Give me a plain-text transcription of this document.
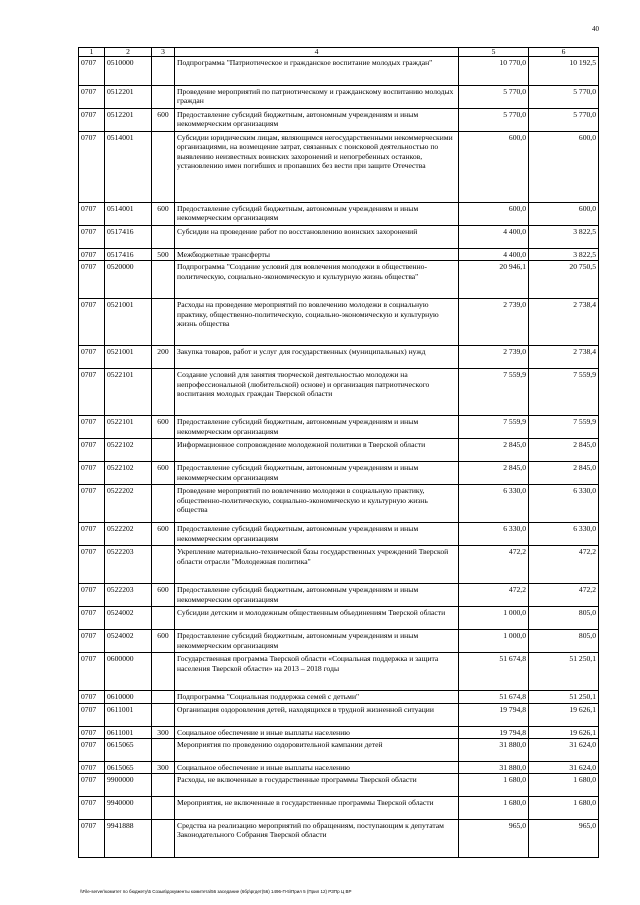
40
1	2	3	4	5	6
0707	0510000		Подпрограмма "Патриотическое и гражданское воспитание молодых граждан"	10 770,0	10 192,5
0707	0512201		Проведение мероприятий по патриотическому и гражданскому воспитанию молодых граждан	5 770,0	5 770,0
0707	0512201	600	Предоставление субсидий бюджетным, автономным учреждениям и иным некоммерческим организациям	5 770,0	5 770,0
0707	0514001		Субсидии юридическим лицам, являющимся негосударственными некоммерческими организациями, на возмещение затрат, связанных с поисковой деятельностью по выявлению неизвестных воинских захоронений и непогребенных останков, установлению имен погибших и пропавших без вести при защите Отечества	600,0	600,0
0707	0514001	600	Предоставление субсидий бюджетным, автономным учреждениям и иным некоммерческим организациям	600,0	600,0
0707	0517416		Субсидии на проведение работ по восстановлению воинских захоронений	4 400,0	3 822,5
0707	0517416	500	Межбюджетные трансферты	4 400,0	3 822,5
0707	0520000		Подпрограмма "Создание условий для вовлечения молодежи в общественно-политическую, социально-экономическую и культурную жизнь общества"	20 946,1	20 750,5
0707	0521001		Расходы на проведение мероприятий по вовлечению молодежи в социальную практику, общественно-политическую, социально-экономическую и культурную жизнь общества	2 739,0	2 738,4
0707	0521001	200	Закупка товаров, работ и услуг для государственных (муниципальных) нужд	2 739,0	2 738,4
0707	0522101		Создание условий для занятия творческой деятельностью молодежи на непрофессиональной (любительской) основе) и организация патриотического воспитания молодых граждан Тверской области	7 559,9	7 559,9
0707	0522101	600	Предоставление субсидий бюджетным, автономным учреждениям и иным некоммерческим организациям	7 559,9	7 559,9
0707	0522102		Информационное сопровождение молодежной политики в Тверской области	2 845,0	2 845,0
0707	0522102	600	Предоставление субсидий бюджетным, автономным учреждениям и иным некоммерческим организациям	2 845,0	2 845,0
0707	0522202		Проведение мероприятий по вовлечению молодежи в социальную практику, общественно-политическую, социально-экономическую и культурную жизнь общества	6 330,0	6 330,0
0707	0522202	600	Предоставление субсидий бюджетным, автономным учреждениям и иным некоммерческим организациям	6 330,0	6 330,0
0707	0522203		Укрепление материально-технической базы государственных учреждений Тверской области отрасли "Молодежная политика"	472,2	472,2
0707	0522203	600	Предоставление субсидий бюджетным, автономным учреждениям и иным некоммерческим организациям	472,2	472,2
0707	0524002		Субсидии детским и молодежным общественным объединениям Тверской области	1 000,0	805,0
0707	0524002	600	Предоставление субсидий бюджетным, автономным учреждениям и иным некоммерческим организациям	1 000,0	805,0
0707	0600000		Государственная программа Тверской области «Социальная поддержка и защита населения Тверской области» на 2013 – 2018 годы	51 674,8	51 250,1
0707	0610000		Подпрограмма "Социальная поддержка семей с детьми"	51 674,8	51 250,1
0707	0611001		Организация оздоровления детей, находящихся в трудной жизненной ситуации	19 794,8	19 626,1
0707	0611001	300	Социальное обеспечение и иные выплаты населению	19 794,8	19 626,1
0707	0615065		Мероприятия по проведению оздоровительной кампании детей	31 880,0	31 624,0
0707	0615065	300	Социальное обеспечение и иные выплаты населению	31 880,0	31 624,0
0707	9900000		Расходы, не включенные в государственные программы Тверской области	1 680,0	1 680,0
0707	9940000		Мероприятия, не включенные в государственные программы Тверской области	1 680,0	1 680,0
0707	9941888		Средства на реализацию мероприятий по обращениям, поступающим к депутатам Законодательного Собрания Тверской области	965,0	965,0
\\File-server\комитет по бюджету\5 Созыв\документы комитета\56 заседание (6бр\ргдет(56) 1496-П-5\Прил 5 (Прил 12) РЗПр Ц ВР
